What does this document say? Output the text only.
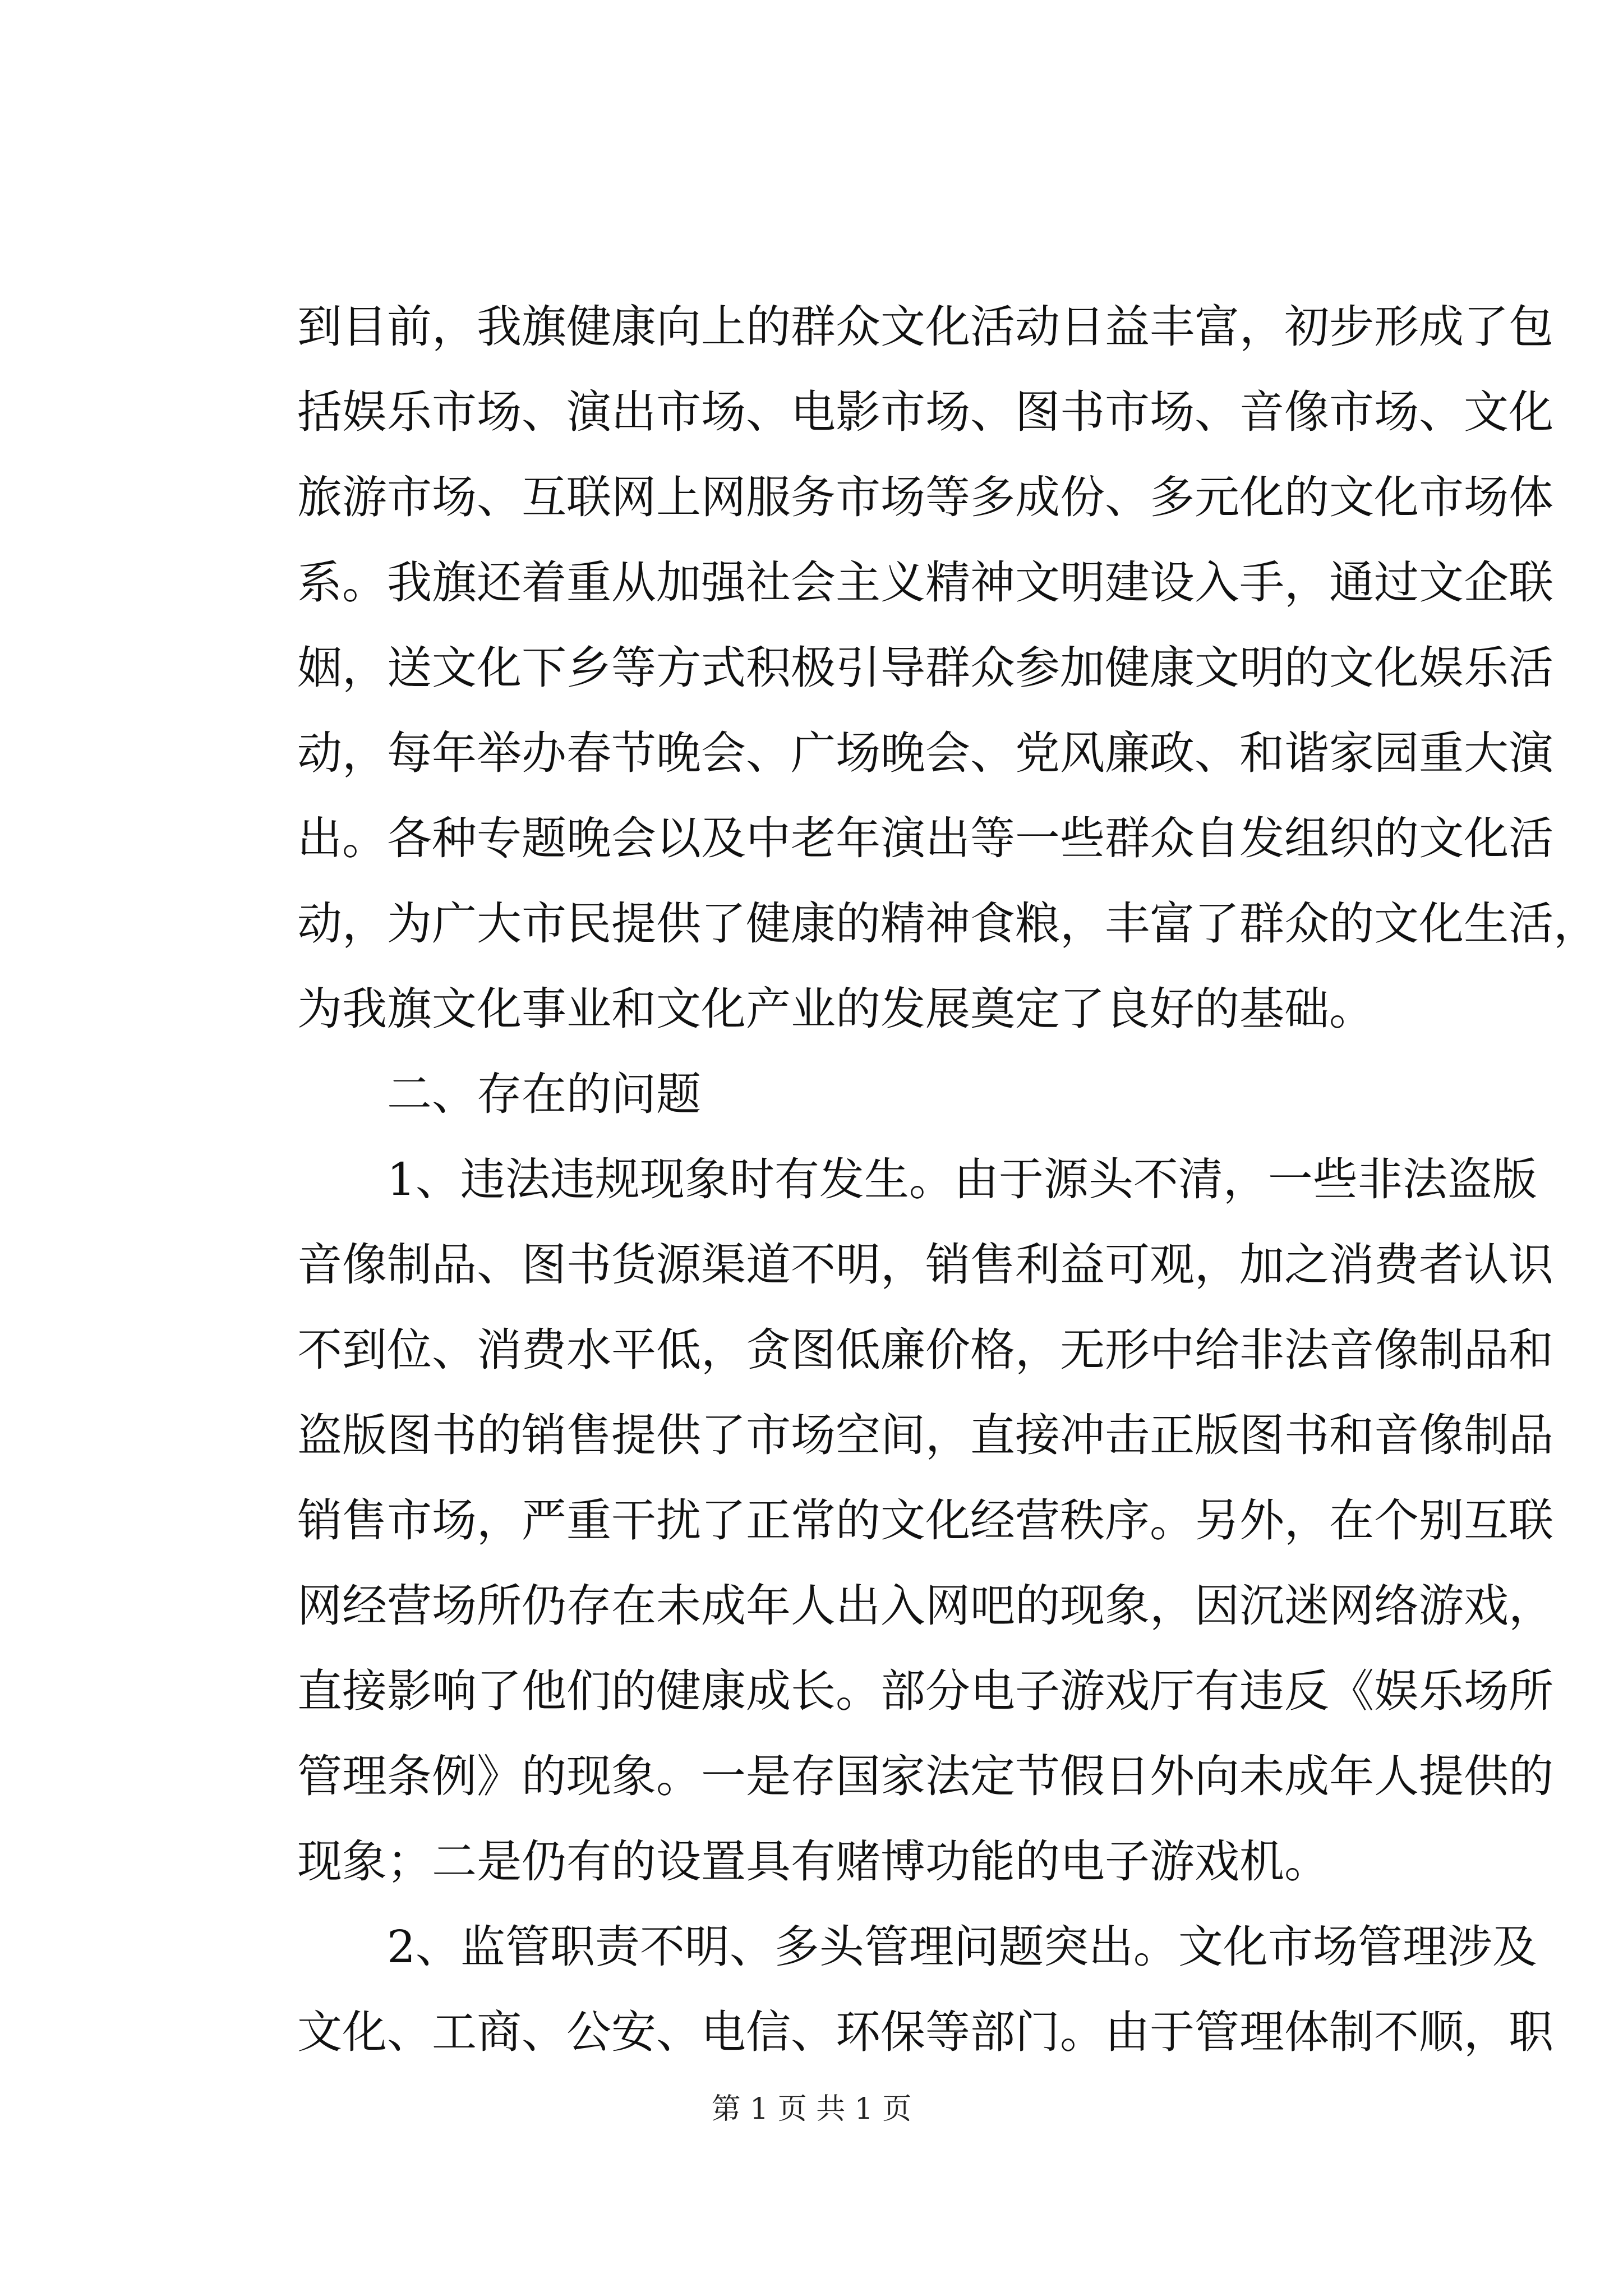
到目前，我旗健康向上的群众文化活动日益丰富，初步形成了包
括娱乐市场、演出市场、电影市场、图书市场、音像市场、文化
旅游市场、互联网上网服务市场等多成份、多元化的文化市场体
系。我旗还着重从加强社会主义精神文明建设入手，通过文企联
姻，送文化下乡等方式积极引导群众参加健康文明的文化娱乐活
动，每年举办春节晚会、广场晚会、党风廉政、和谐家园重大演
出。各种专题晚会以及中老年演出等一些群众自发组织的文化活
动，为广大市民提供了健康的精神食粮，丰富了群众的文化生活，
为我旗文化事业和文化产业的发展奠定了良好的基础。
二、存在的问题
1、违法违规现象时有发生。由于源头不清，一些非法盗版
音像制品、图书货源渠道不明，销售利益可观，加之消费者认识
不到位、消费水平低，贪图低廉价格，无形中给非法音像制品和
盗版图书的销售提供了市场空间，直接冲击正版图书和音像制品
销售市场，严重干扰了正常的文化经营秩序。另外，在个别互联
网经营场所仍存在未成年人出入网吧的现象，因沉迷网络游戏，
直接影响了他们的健康成长。部分电子游戏厅有违反《娱乐场所
管理条例》的现象。一是存国家法定节假日外向未成年人提供的
现象；二是仍有的设置具有赌博功能的电子游戏机。
2、监管职责不明、多头管理问题突出。文化市场管理涉及
文化、工商、公安、电信、环保等部门。由于管理体制不顺，职
第 1 页 共 1 页
